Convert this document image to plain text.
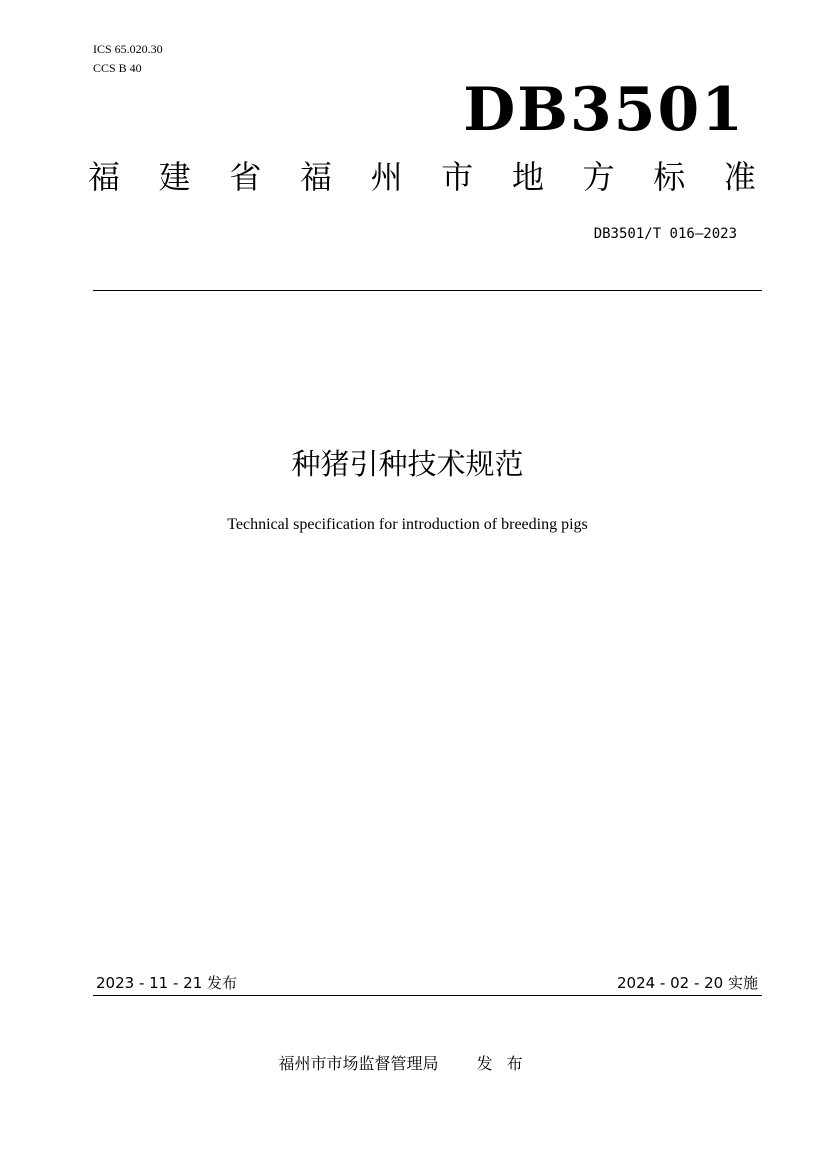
ICS 65.020.30
CCS B 40
DB3501
福 建 省 福 州 市 地 方 标 准
DB3501/T 016—2023
种猪引种技术规范
Technical specification for introduction of breeding pigs
2023 - 11 - 21 发布	2024 - 02 - 20 实施
福州市市场监督管理局 发布
